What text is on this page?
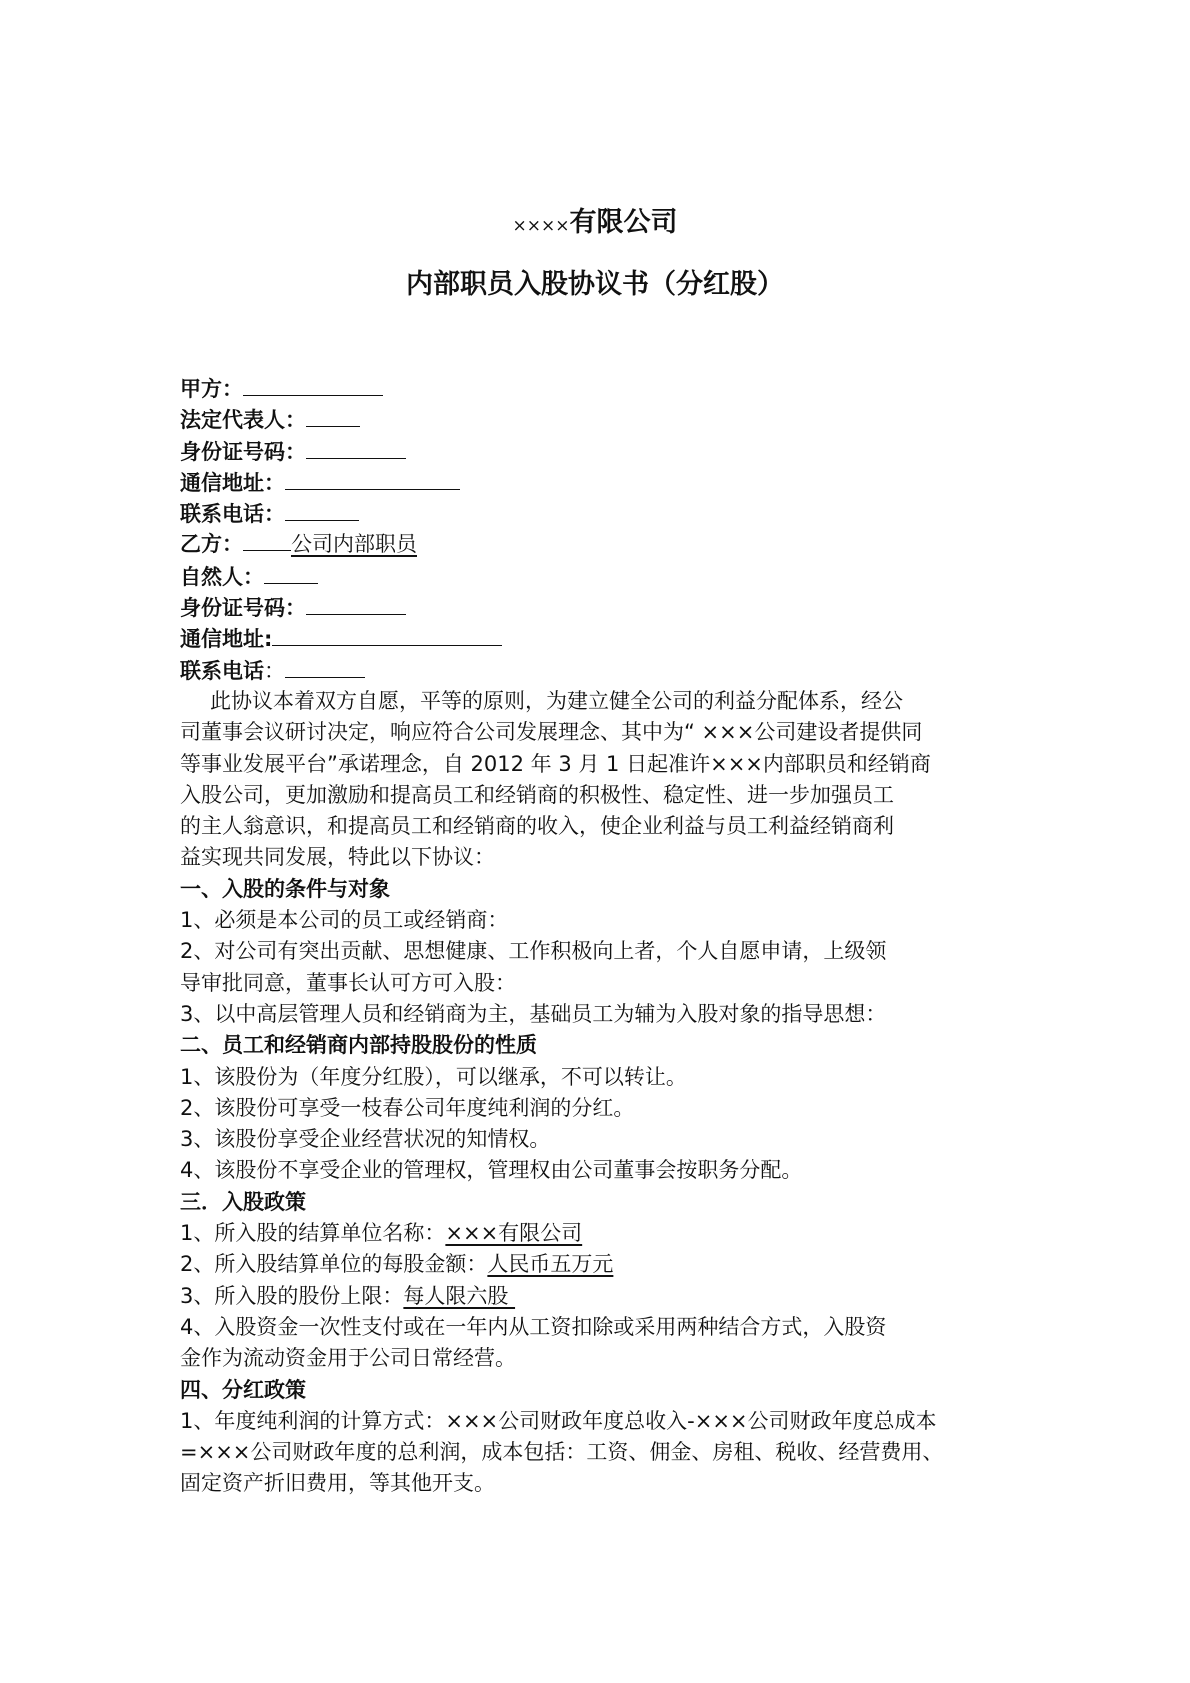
××××有限公司
内部职员入股协议书（分红股）
甲方：
法定代表人：
身份证号码：
通信地址：
联系电话：
乙方： 公司内部职员
自然人：
身份证号码：
通信地址:
联系电话：
此协议本着双方自愿，平等的原则，为建立健全公司的利益分配体系，经公
司董事会议研讨决定，响应符合公司发展理念、其中为“ ×××公司建设者提供同
等事业发展平台”承诺理念，自 2012 年 3 月 1 日起准许×××内部职员和经销商
入股公司，更加激励和提高员工和经销商的积极性、稳定性、进一步加强员工
的主人翁意识，和提高员工和经销商的收入，使企业利益与员工利益经销商利
益实现共同发展，特此以下协议：
一、入股的条件与对象
1、必须是本公司的员工或经销商：
2、对公司有突出贡献、思想健康、工作积极向上者，个人自愿申请，上级领
导审批同意，董事长认可方可入股：
3、以中高层管理人员和经销商为主，基础员工为辅为入股对象的指导思想：
二、员工和经销商内部持股股份的性质
1、该股份为（年度分红股），可以继承，不可以转让。
2、该股份可享受一枝春公司年度纯利润的分红。
3、该股份享受企业经营状况的知情权。
4、该股份不享受企业的管理权，管理权由公司董事会按职务分配。
三．入股政策
1、所入股的结算单位名称：×××有限公司
2、所入股结算单位的每股金额：人民币五万元
3、所入股的股份上限：每人限六股
4、入股资金一次性支付或在一年内从工资扣除或采用两种结合方式，入股资
金作为流动资金用于公司日常经营。
四、分红政策
1、年度纯利润的计算方式：×××公司财政年度总收入-×××公司财政年度总成本
=×××公司财政年度的总利润，成本包括：工资、佣金、房租、税收、经营费用、
固定资产折旧费用，等其他开支。
